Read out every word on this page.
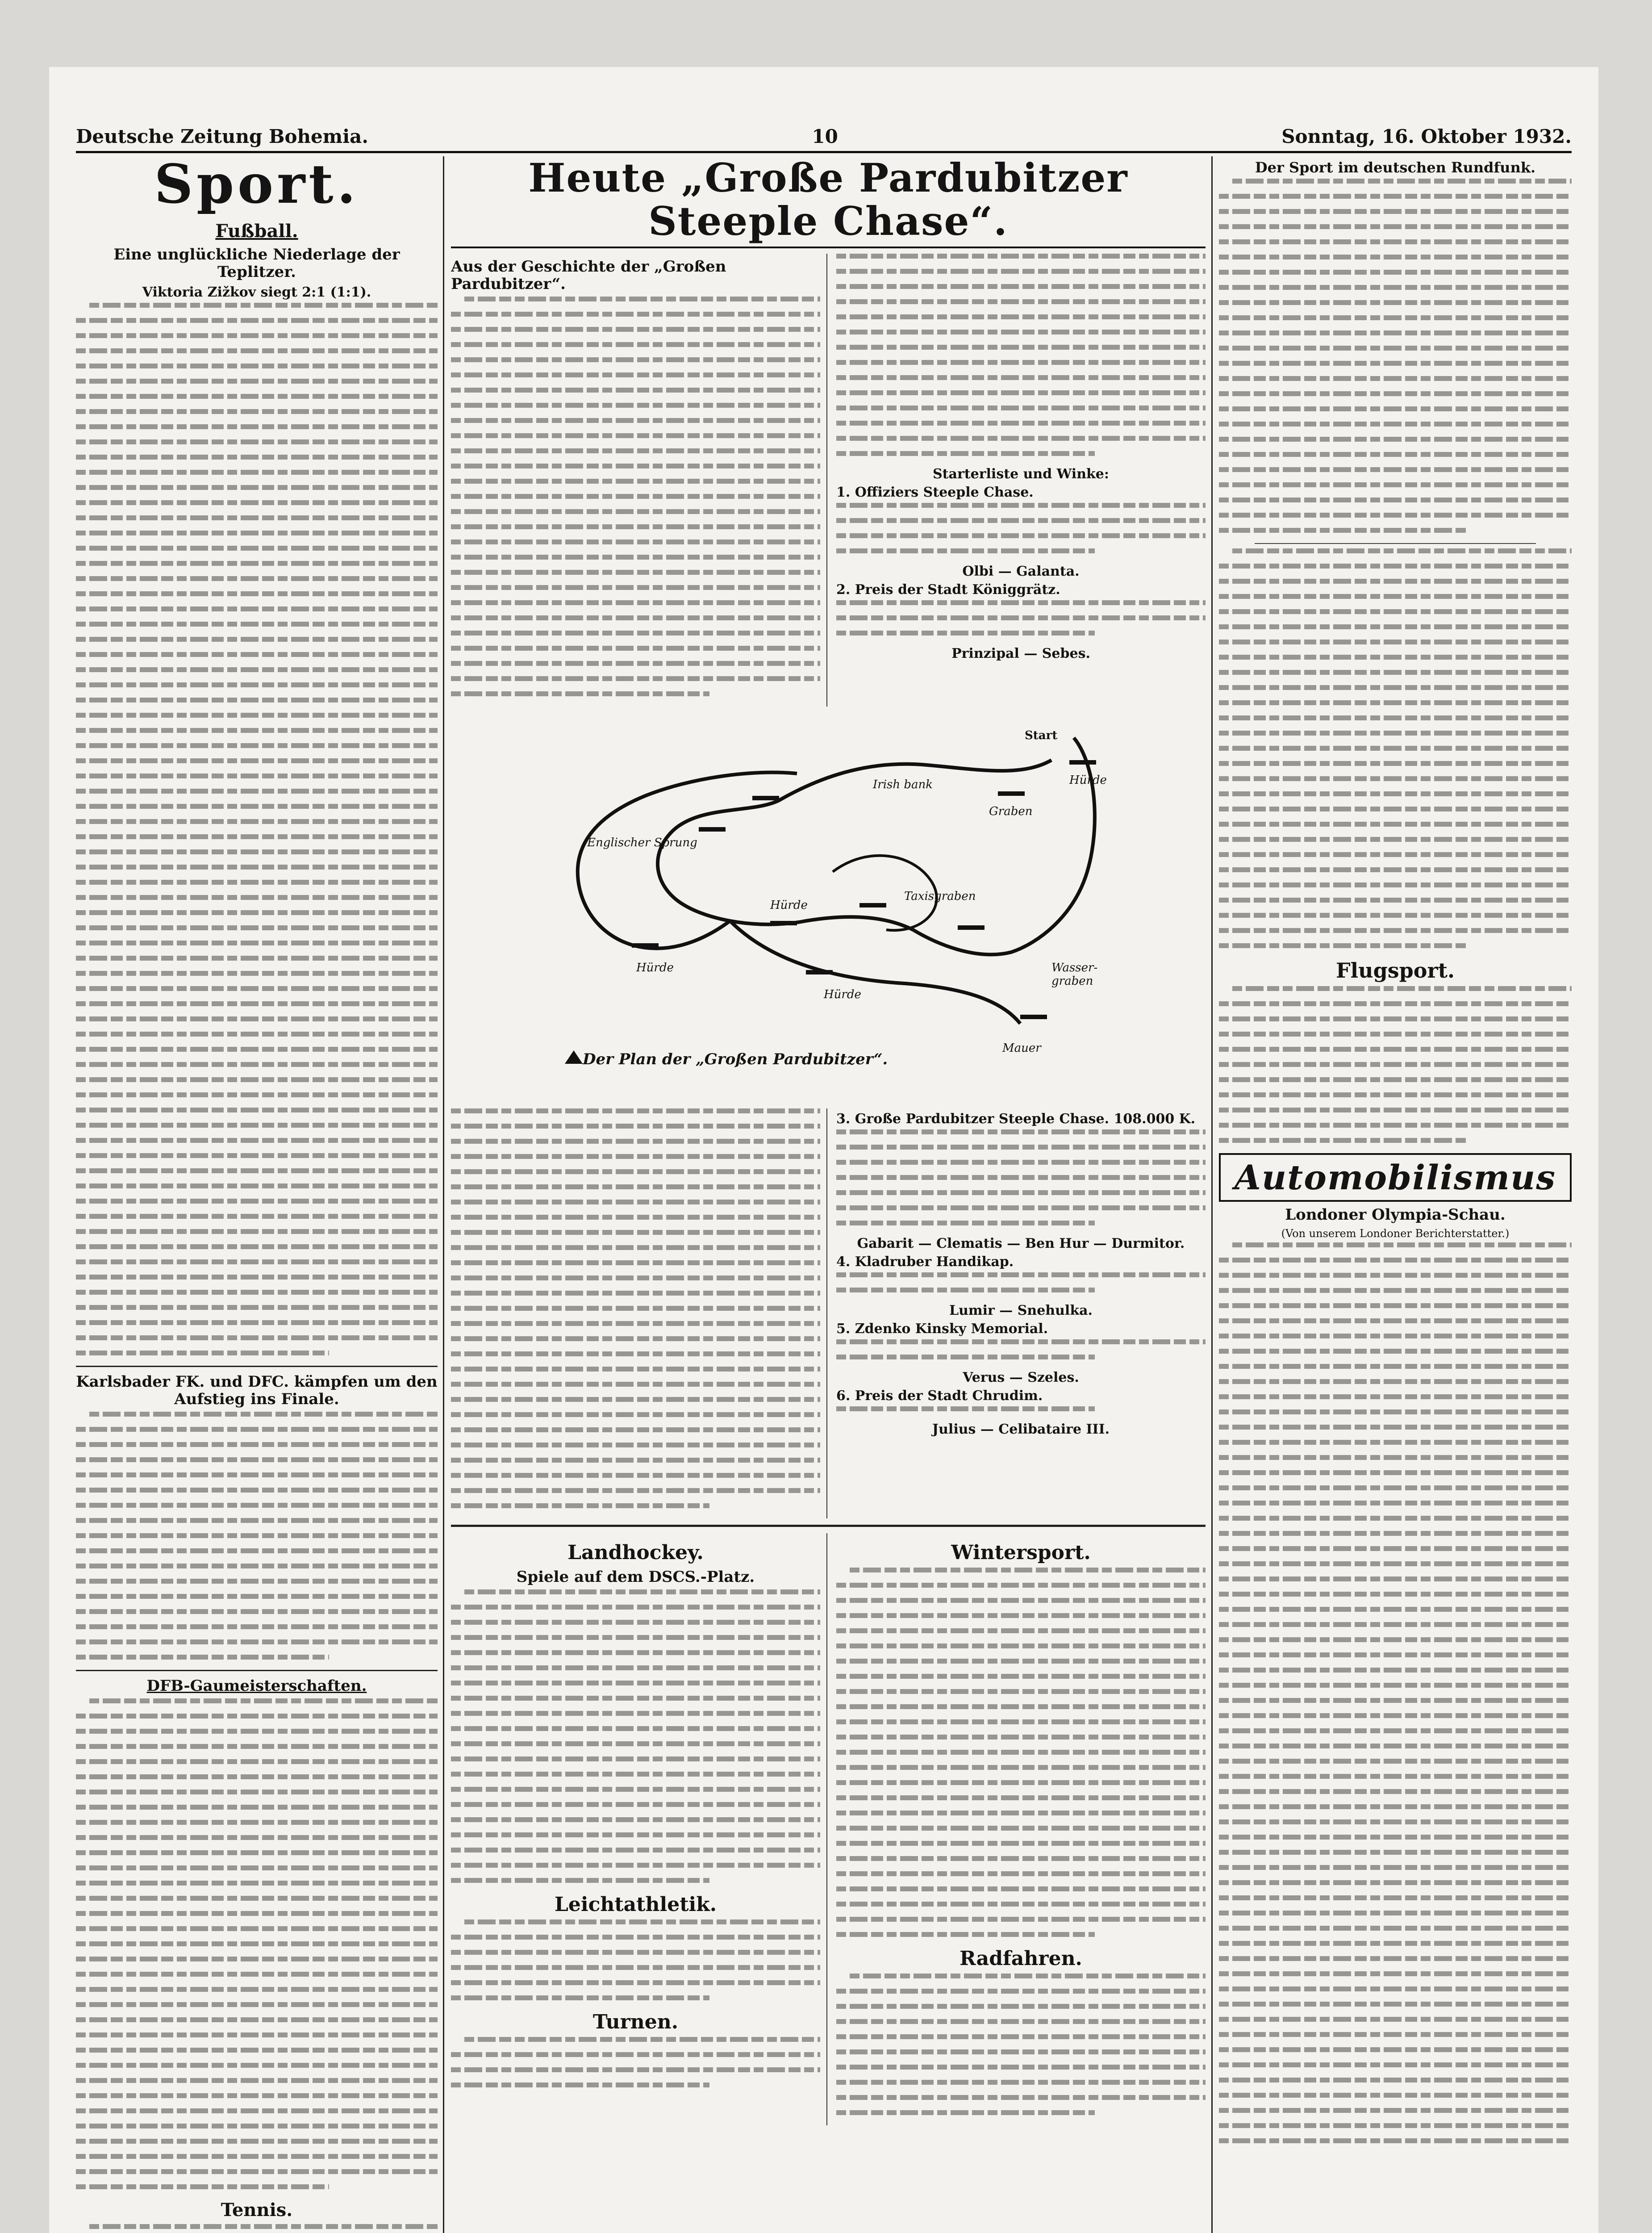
Deutsche Zeitung Bohemia.	10	Sonntag, 16. Oktober 1932.
Sport.
Fußball.
Eine unglückliche Niederlage der Teplitzer.
Viktoria Zižkov siegt 2:1 (1:1).
Karlsbader FK. und DFC. kämpfen um den Aufstieg ins Finale.
DFB-Gaumeisterschaften.
Tennis.
Heute „Große Pardubitzer Steeple Chase“.
Aus der Geschichte der „Großen Pardubitzer“.
Starterliste und Winke:
1. Offiziers Steeple Chase.
Olbi — Galanta.
2. Preis der Stadt Königgrätz.
Prinzipal — Sebes.
Start
Hürde
Graben
Irish bank
Taxisgraben
Hürde
Wasser-graben
Mauer
Hürde
Englischer Sprung
Hürde
Der Plan der „Großen Pardubitzer“.
3. Große Pardubitzer Steeple Chase. 108.000 K.
Gabarit — Clematis — Ben Hur — Durmitor.
4. Kladruber Handikap.
Lumir — Snehulka.
5. Zdenko Kinsky Memorial.
Verus — Szeles.
6. Preis der Stadt Chrudim.
Julius — Celibataire III.
Landhockey.
Spiele auf dem DSCS.-Platz.
Leichtathletik.
Turnen.
Wintersport.
Radfahren.
Der Sport im deutschen Rundfunk.
Flugsport.
Automobilismus
Londoner Olympia-Schau.
(Von unserem Londoner Berichterstatter.)
